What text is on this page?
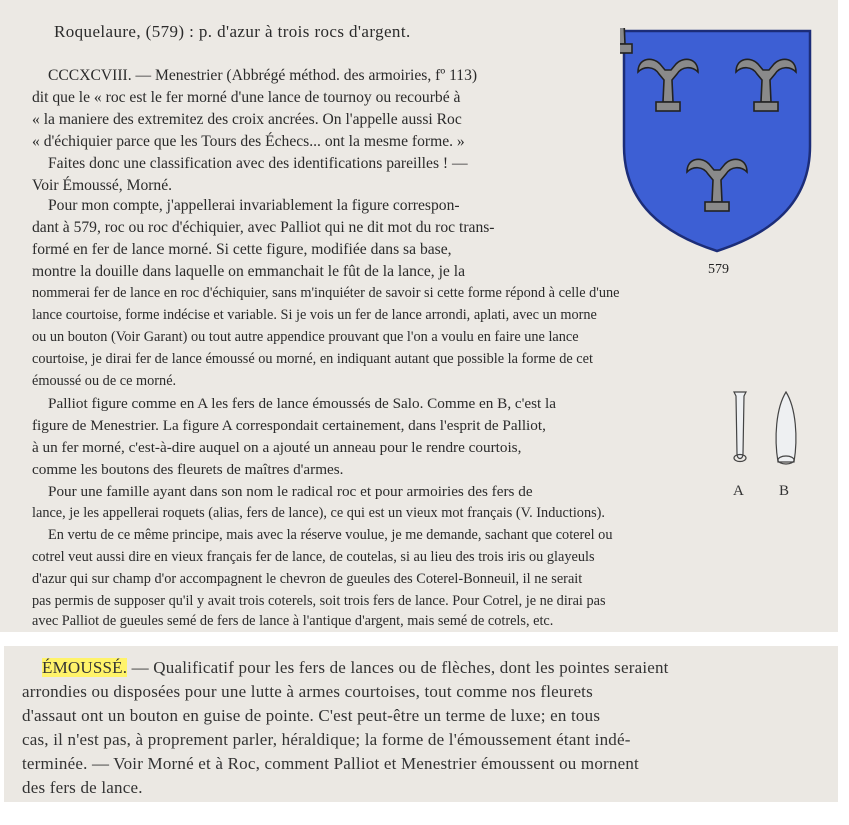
Roquelaure, (579) : p. d'azur à trois rocs d'argent.

579
A B

CCCXCVIII. — Menestrier (Abbrégé méthod. des armoiries, fº 113)

dit que le « roc est le fer morné d'une lance de tournoy ou recourbé à

« la maniere des extremitez des croix ancrées. On l'appelle aussi Roc

« d'échiquier parce que les Tours des Échecs... ont la mesme forme. »

Faites donc une classification avec des identifications pareilles ! —

Voir Émoussé, Morné.

Pour mon compte, j'appellerai invariablement la figure correspon-

dant à 579, roc ou roc d'échiquier, avec Palliot qui ne dit mot du roc trans-

formé en fer de lance morné. Si cette figure, modifiée dans sa base,

montre la douille dans laquelle on emmanchait le fût de la lance, je la

nommerai fer de lance en roc d'échiquier, sans m'inquiéter de savoir si cette forme répond à celle d'une

lance courtoise, forme indécise et variable. Si je vois un fer de lance arrondi, aplati, avec un morne

ou un bouton (Voir Garant) ou tout autre appendice prouvant que l'on a voulu en faire une lance

courtoise, je dirai fer de lance émoussé ou morné, en indiquant autant que possible la forme de cet

émoussé ou de ce morné.

Palliot figure comme en A les fers de lance émoussés de Salo. Comme en B, c'est la

figure de Menestrier. La figure A correspondait certainement, dans l'esprit de Palliot,

à un fer morné, c'est-à-dire auquel on a ajouté un anneau pour le rendre courtois,

comme les boutons des fleurets de maîtres d'armes.

Pour une famille ayant dans son nom le radical roc et pour armoiries des fers de

lance, je les appellerai roquets (alias, fers de lance), ce qui est un vieux mot français (V. Inductions).

En vertu de ce même principe, mais avec la réserve voulue, je me demande, sachant que coterel ou

cotrel veut aussi dire en vieux français fer de lance, de coutelas, si au lieu des trois iris ou glayeuls

d'azur qui sur champ d'or accompagnent le chevron de gueules des Coterel-Bonneuil, il ne serait

pas permis de supposer qu'il y avait trois coterels, soit trois fers de lance. Pour Cotrel, je ne dirai pas

avec Palliot de gueules semé de fers de lance à l'antique d'argent, mais semé de cotrels, etc.

ÉMOUSSÉ. — Qualificatif pour les fers de lances ou de flèches, dont les pointes seraient

arrondies ou disposées pour une lutte à armes courtoises, tout comme nos fleurets

d'assaut ont un bouton en guise de pointe. C'est peut-être un terme de luxe; en tous

cas, il n'est pas, à proprement parler, héraldique; la forme de l'émoussement étant indé-

terminée. — Voir Morné et à Roc, comment Palliot et Menestrier émoussent ou mornent

des fers de lance.
